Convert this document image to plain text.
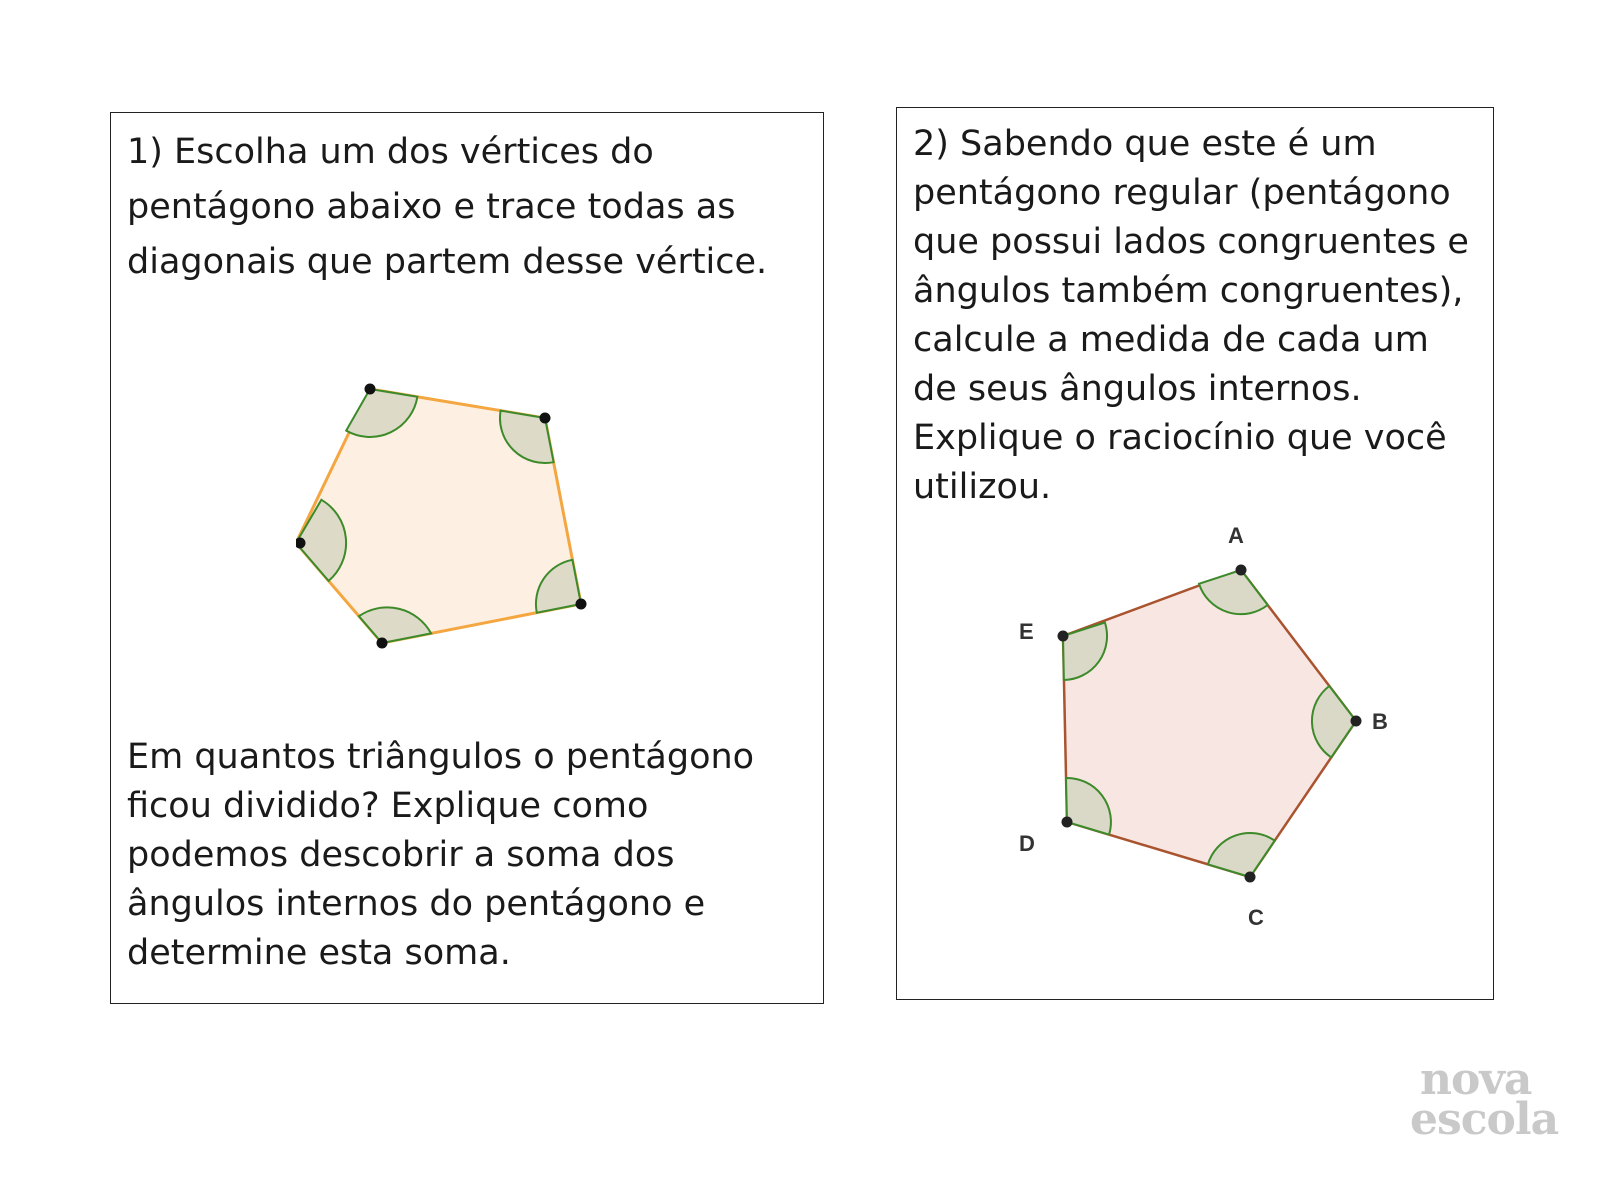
1) Escolha um dos vértices do pentágono abaixo e trace todas as diagonais que partem desse vértice.

Em quantos triângulos o pentágono ficou dividido? Explique como podemos descobrir a soma dos ângulos internos do pentágono e determine esta soma.

2) Sabendo que este é um pentágono regular (pentágono que possui lados congruentes e ângulos também congruentes), calcule a medida de cada um de seus ângulos internos. Explique o raciocínio que você utilizou.

A
B
C
D
E
nova
escola
